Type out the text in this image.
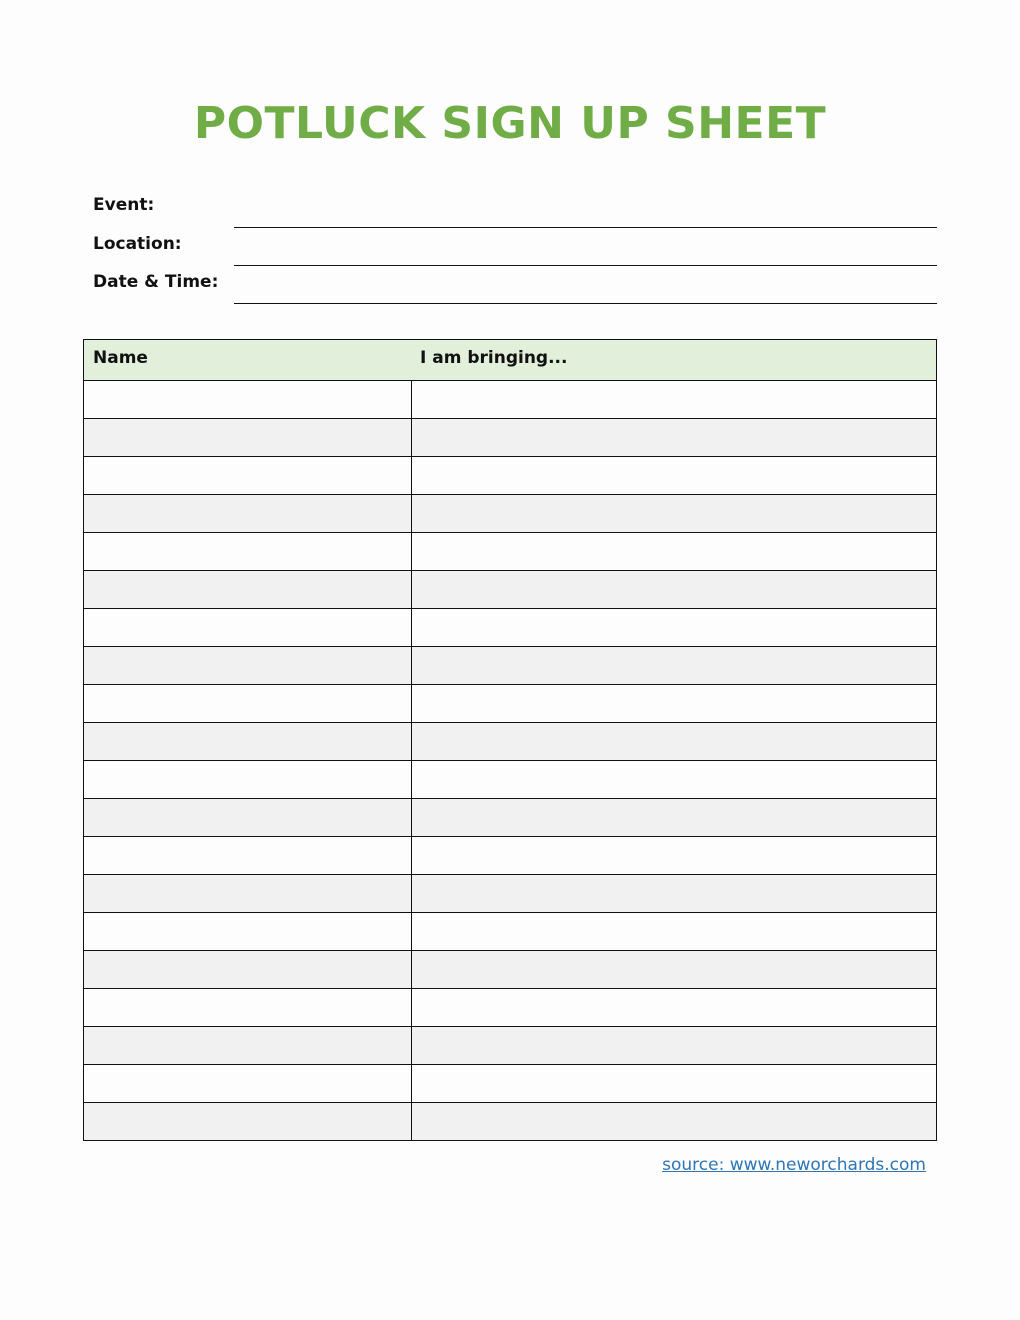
POTLUCK SIGN UP SHEET
Event:
Location:
Date & Time:
Name	I am bringing...
source: www.neworchards.com
